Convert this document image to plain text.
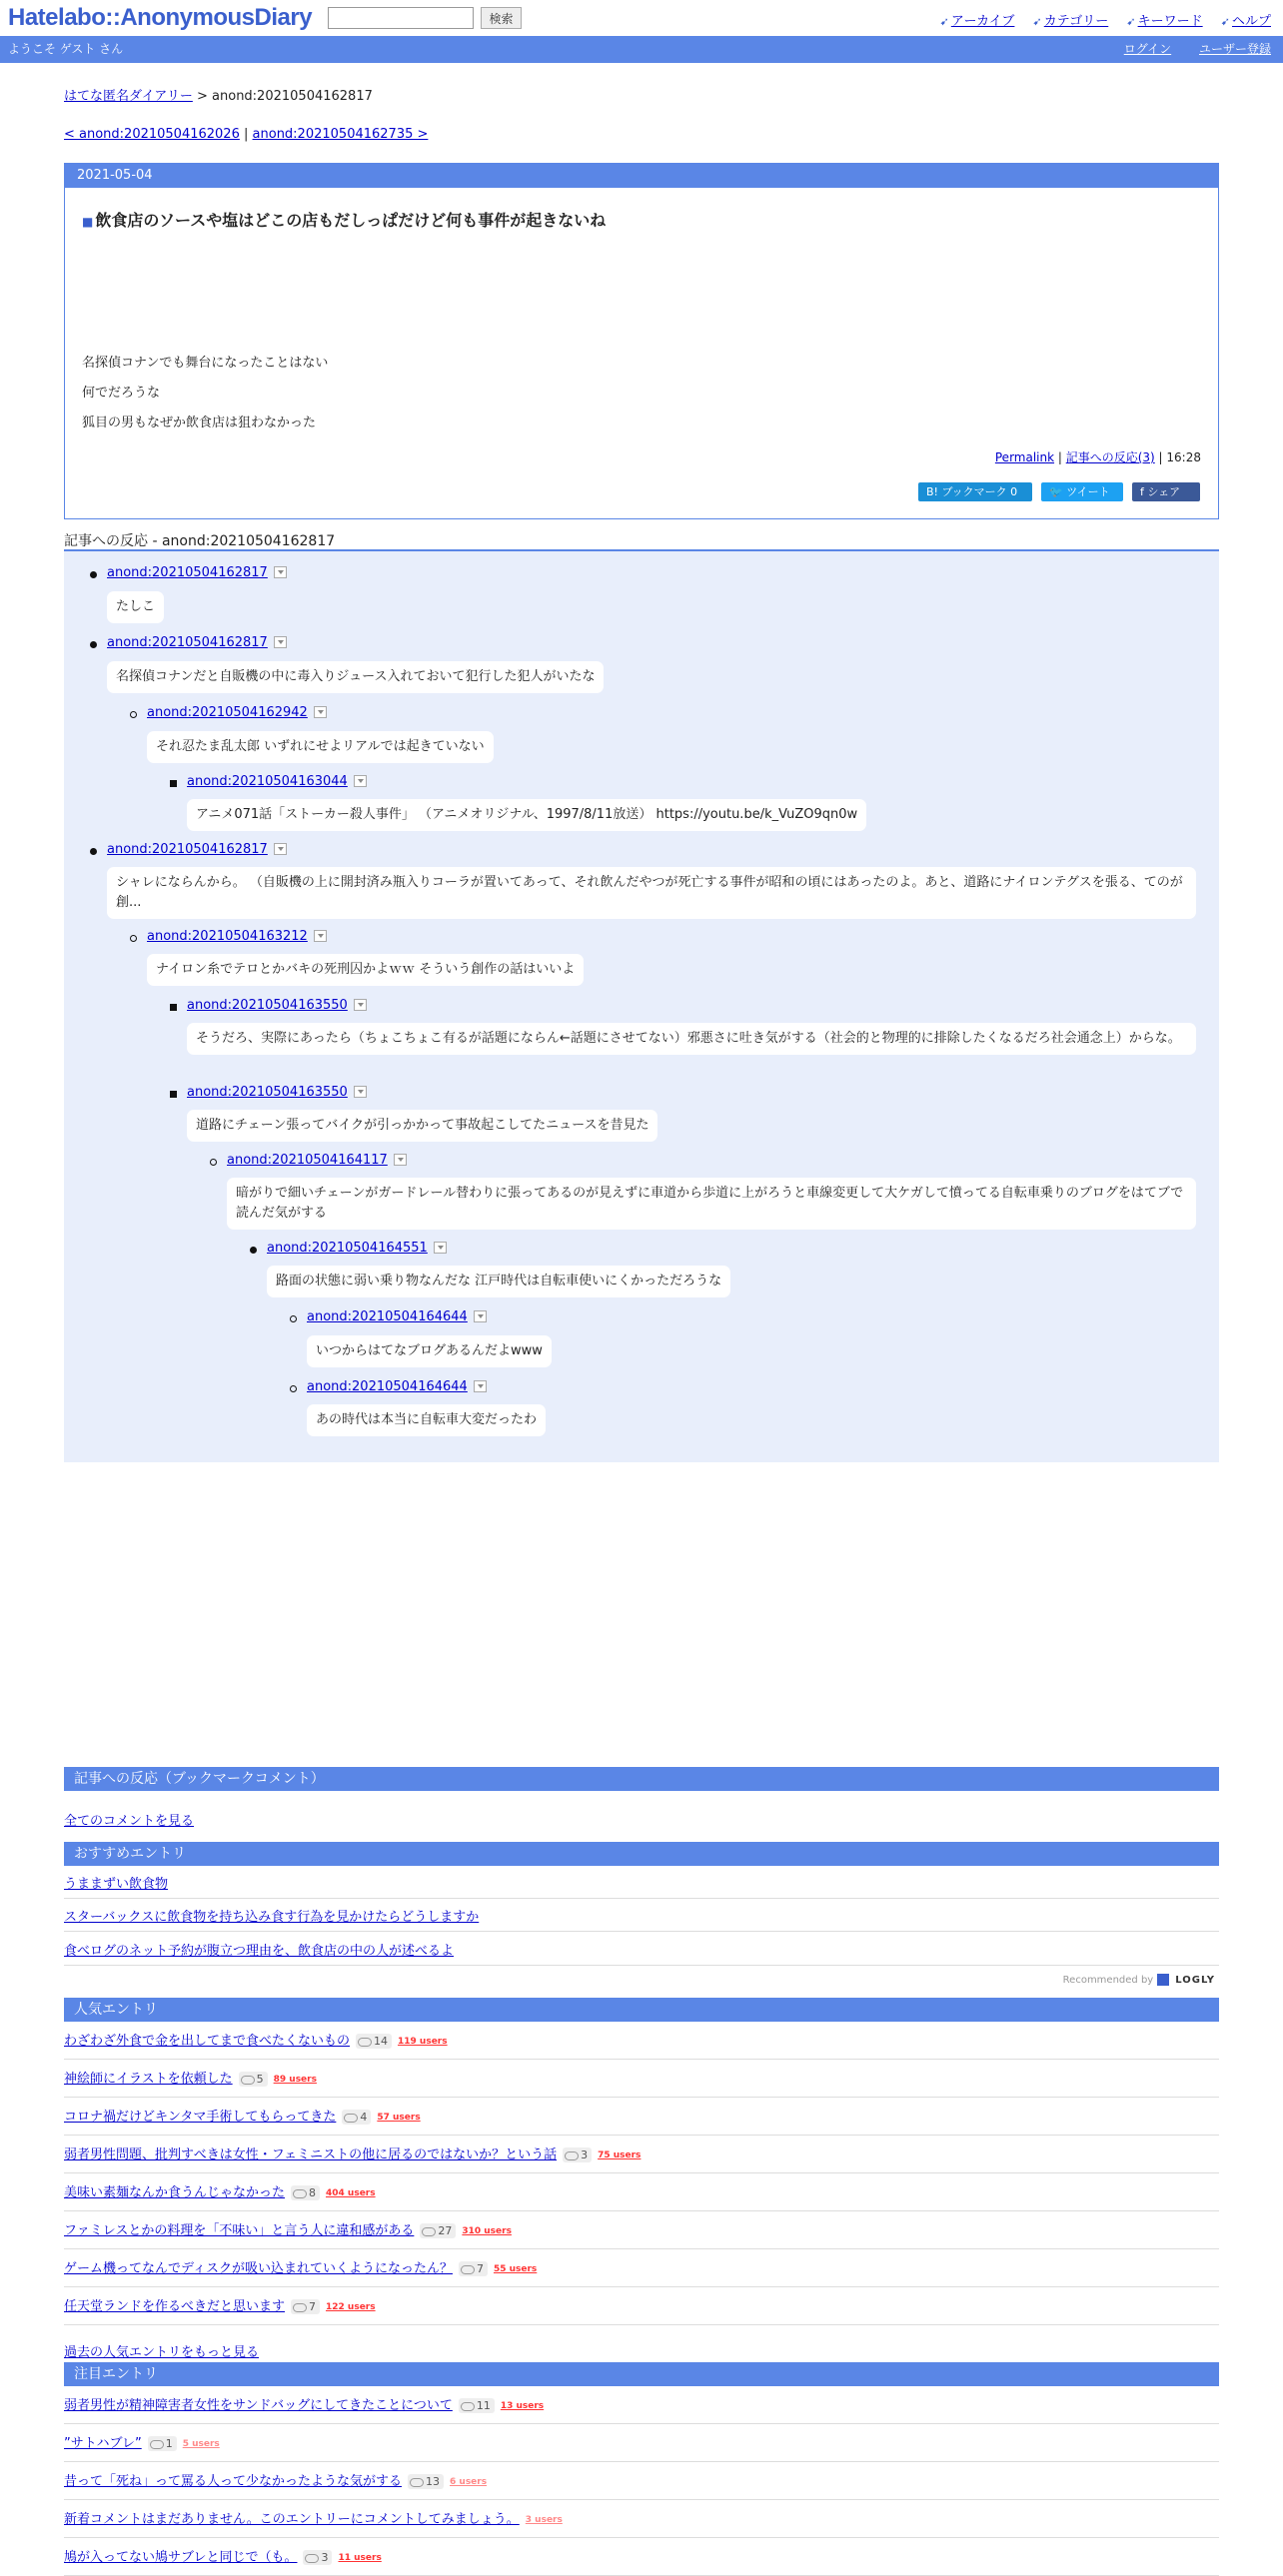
Hatelabo::AnonymousDiary	検索	➹ アーカイブ ➹ カテゴリー ➹ キーワード ➹ ヘルプ
ようこそ ゲスト さん	ログイン ユーザー登録
はてな匿名ダイアリー > anond:20210504162817
< anond:20210504162026 | anond:20210504162735 >
2021-05-04
■ 飲食店のソースや塩はどこの店もだしっぱだけど何も事件が起きないね
名探偵コナンでも舞台になったことはない
何でだろうな
狐目の男もなぜか飲食店は狙わなかった
Permalink | 記事への反応(3) | 16:28
B! ブックマーク 0	🐦 ツイート	f シェア
記事への反応 - anond:20210504162817
anond:20210504162817
たしこ
anond:20210504162817
名探偵コナンだと自販機の中に毒入りジュース入れておいて犯行した犯人がいたな
anond:20210504162942
それ忍たま乱太郎 いずれにせよリアルでは起きていない
anond:20210504163044
アニメ071話「ストーカー殺人事件」 （アニメオリジナル、1997/8/11放送） https://youtu.be/k_VuZO9qn0w
anond:20210504162817
シャレにならんから。 （自販機の上に開封済み瓶入りコーラが置いてあって、それ飲んだやつが死亡する事件が昭和の頃にはあったのよ。あと、道路にナイロンテグスを張る、てのが創...
anond:20210504163212
ナイロン糸でテロとかバキの死刑囚かよｗｗ そういう創作の話はいいよ
anond:20210504163550
そうだろ、実際にあったら（ちょこちょこ有るが話題にならん←話題にさせてない）邪悪さに吐き気がする（社会的と物理的に排除したくなるだろ社会通念上）からな。
anond:20210504163550
道路にチェーン張ってバイクが引っかかって事故起こしてたニュースを昔見た
anond:20210504164117
暗がりで細いチェーンがガードレール替わりに張ってあるのが見えずに車道から歩道に上がろうと車線変更して大ケガして憤ってる自転車乗りのブログをはてブで読んだ気がする
anond:20210504164551
路面の状態に弱い乗り物なんだな 江戸時代は自転車使いにくかっただろうな
anond:20210504164644
いつからはてなブログあるんだよwww
anond:20210504164644
あの時代は本当に自転車大変だったわ
記事への反応（ブックマークコメント）
全てのコメントを見る
おすすめエントリ
うままずい飲食物
スターバックスに飲食物を持ち込み食す行為を見かけたらどうしますか
食べログのネット予約が腹立つ理由を、飲食店の中の人が述べるよ
Recommended by LOGLY
人気エントリ
わざわざ外食で金を出してまで食べたくないもの 14 119 users
神絵師にイラストを依頼した 5 89 users
コロナ禍だけどキンタマ手術してもらってきた 4 57 users
弱者男性問題、批判すべきは女性・フェミニストの他に居るのではないか？という話 3 75 users
美味い素麺なんか食うんじゃなかった 8 404 users
ファミレスとかの料理を「不味い」と言う人に違和感がある 27 310 users
ゲーム機ってなんでディスクが吸い込まれていくようになったん？ 7 55 users
任天堂ランドを作るべきだと思います 7 122 users
過去の人気エントリをもっと見る
注目エントリ
弱者男性が精神障害者女性をサンドバッグにしてきたことについて 11 13 users
”サトハブレ” 1 5 users
昔って「死ね」って罵る人って少なかったような気がする 13 6 users
新着コメントはまだありません。このエントリーにコメントしてみましょう。 3 users
鳩が入ってない鳩サブレと同じで（も。 3 11 users
